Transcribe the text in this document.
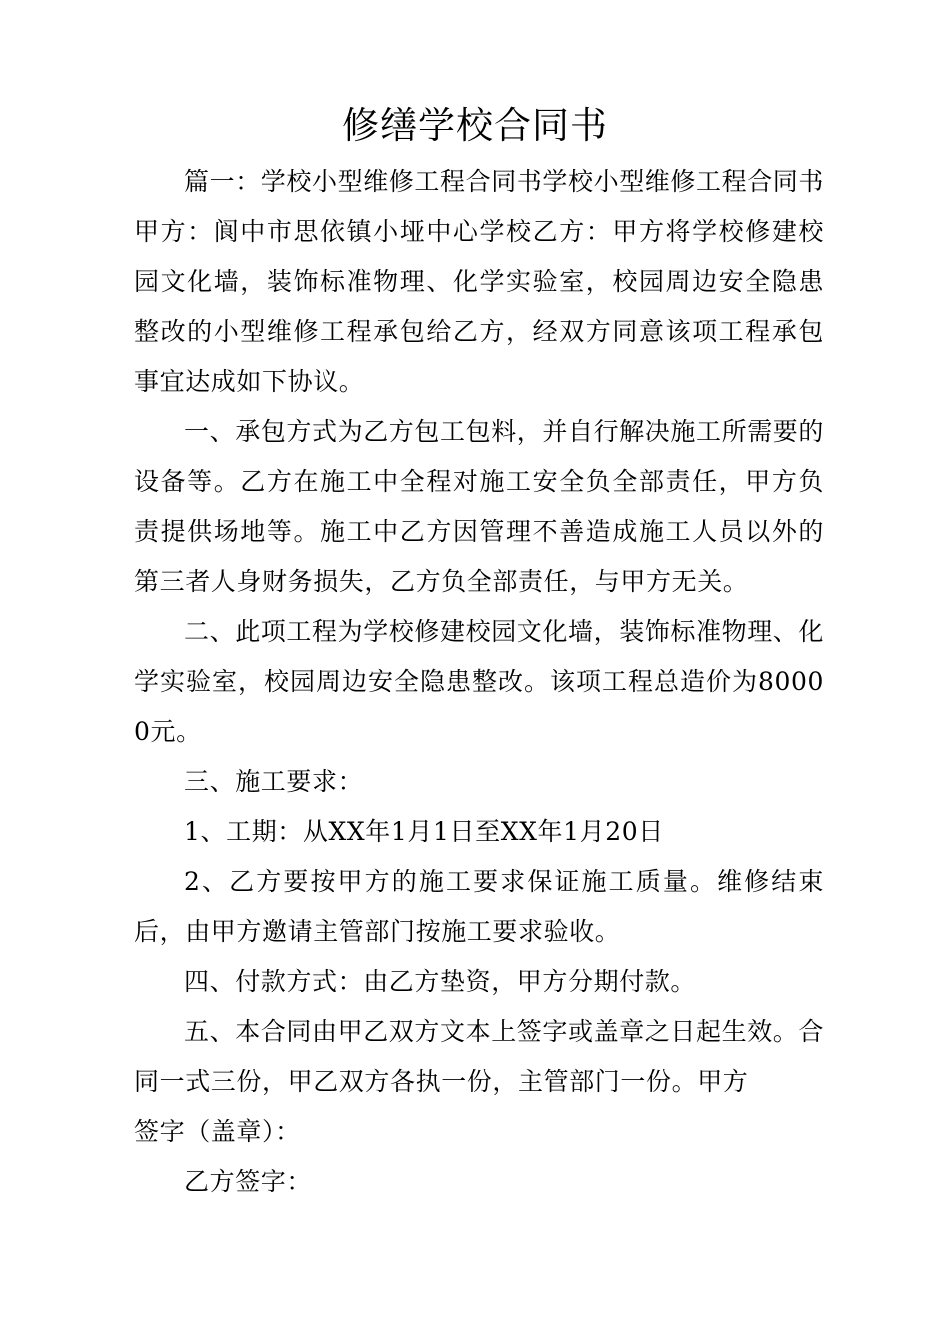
修缮学校合同书

篇一：学校小型维修工程合同书学校小型维修工程合同书甲方：阆中市思依镇小垭中心学校乙方：甲方将学校修建校园文化墙，装饰标准物理、化学实验室，校园周边安全隐患整改的小型维修工程承包给乙方，经双方同意该项工程承包事宜达成如下协议。

一、承包方式为乙方包工包料，并自行解决施工所需要的设备等。乙方在施工中全程对施工安全负全部责任，甲方负责提供场地等。施工中乙方因管理不善造成施工人员以外的第三者人身财务损失，乙方负全部责任，与甲方无关。

二、此项工程为学校修建校园文化墙，装饰标准物理、化学实验室，校园周边安全隐患整改。该项工程总造价为80000元。

三、施工要求：

1、工期：从XX年1月1日至XX年1月20日

2、乙方要按甲方的施工要求保证施工质量。维修结束后，由甲方邀请主管部门按施工要求验收。

四、付款方式：由乙方垫资，甲方分期付款。

五、本合同由甲乙双方文本上签字或盖章之日起生效。合同一式三份，甲乙双方各执一份，主管部门一份。甲方

签字（盖章）：

乙方签字：
